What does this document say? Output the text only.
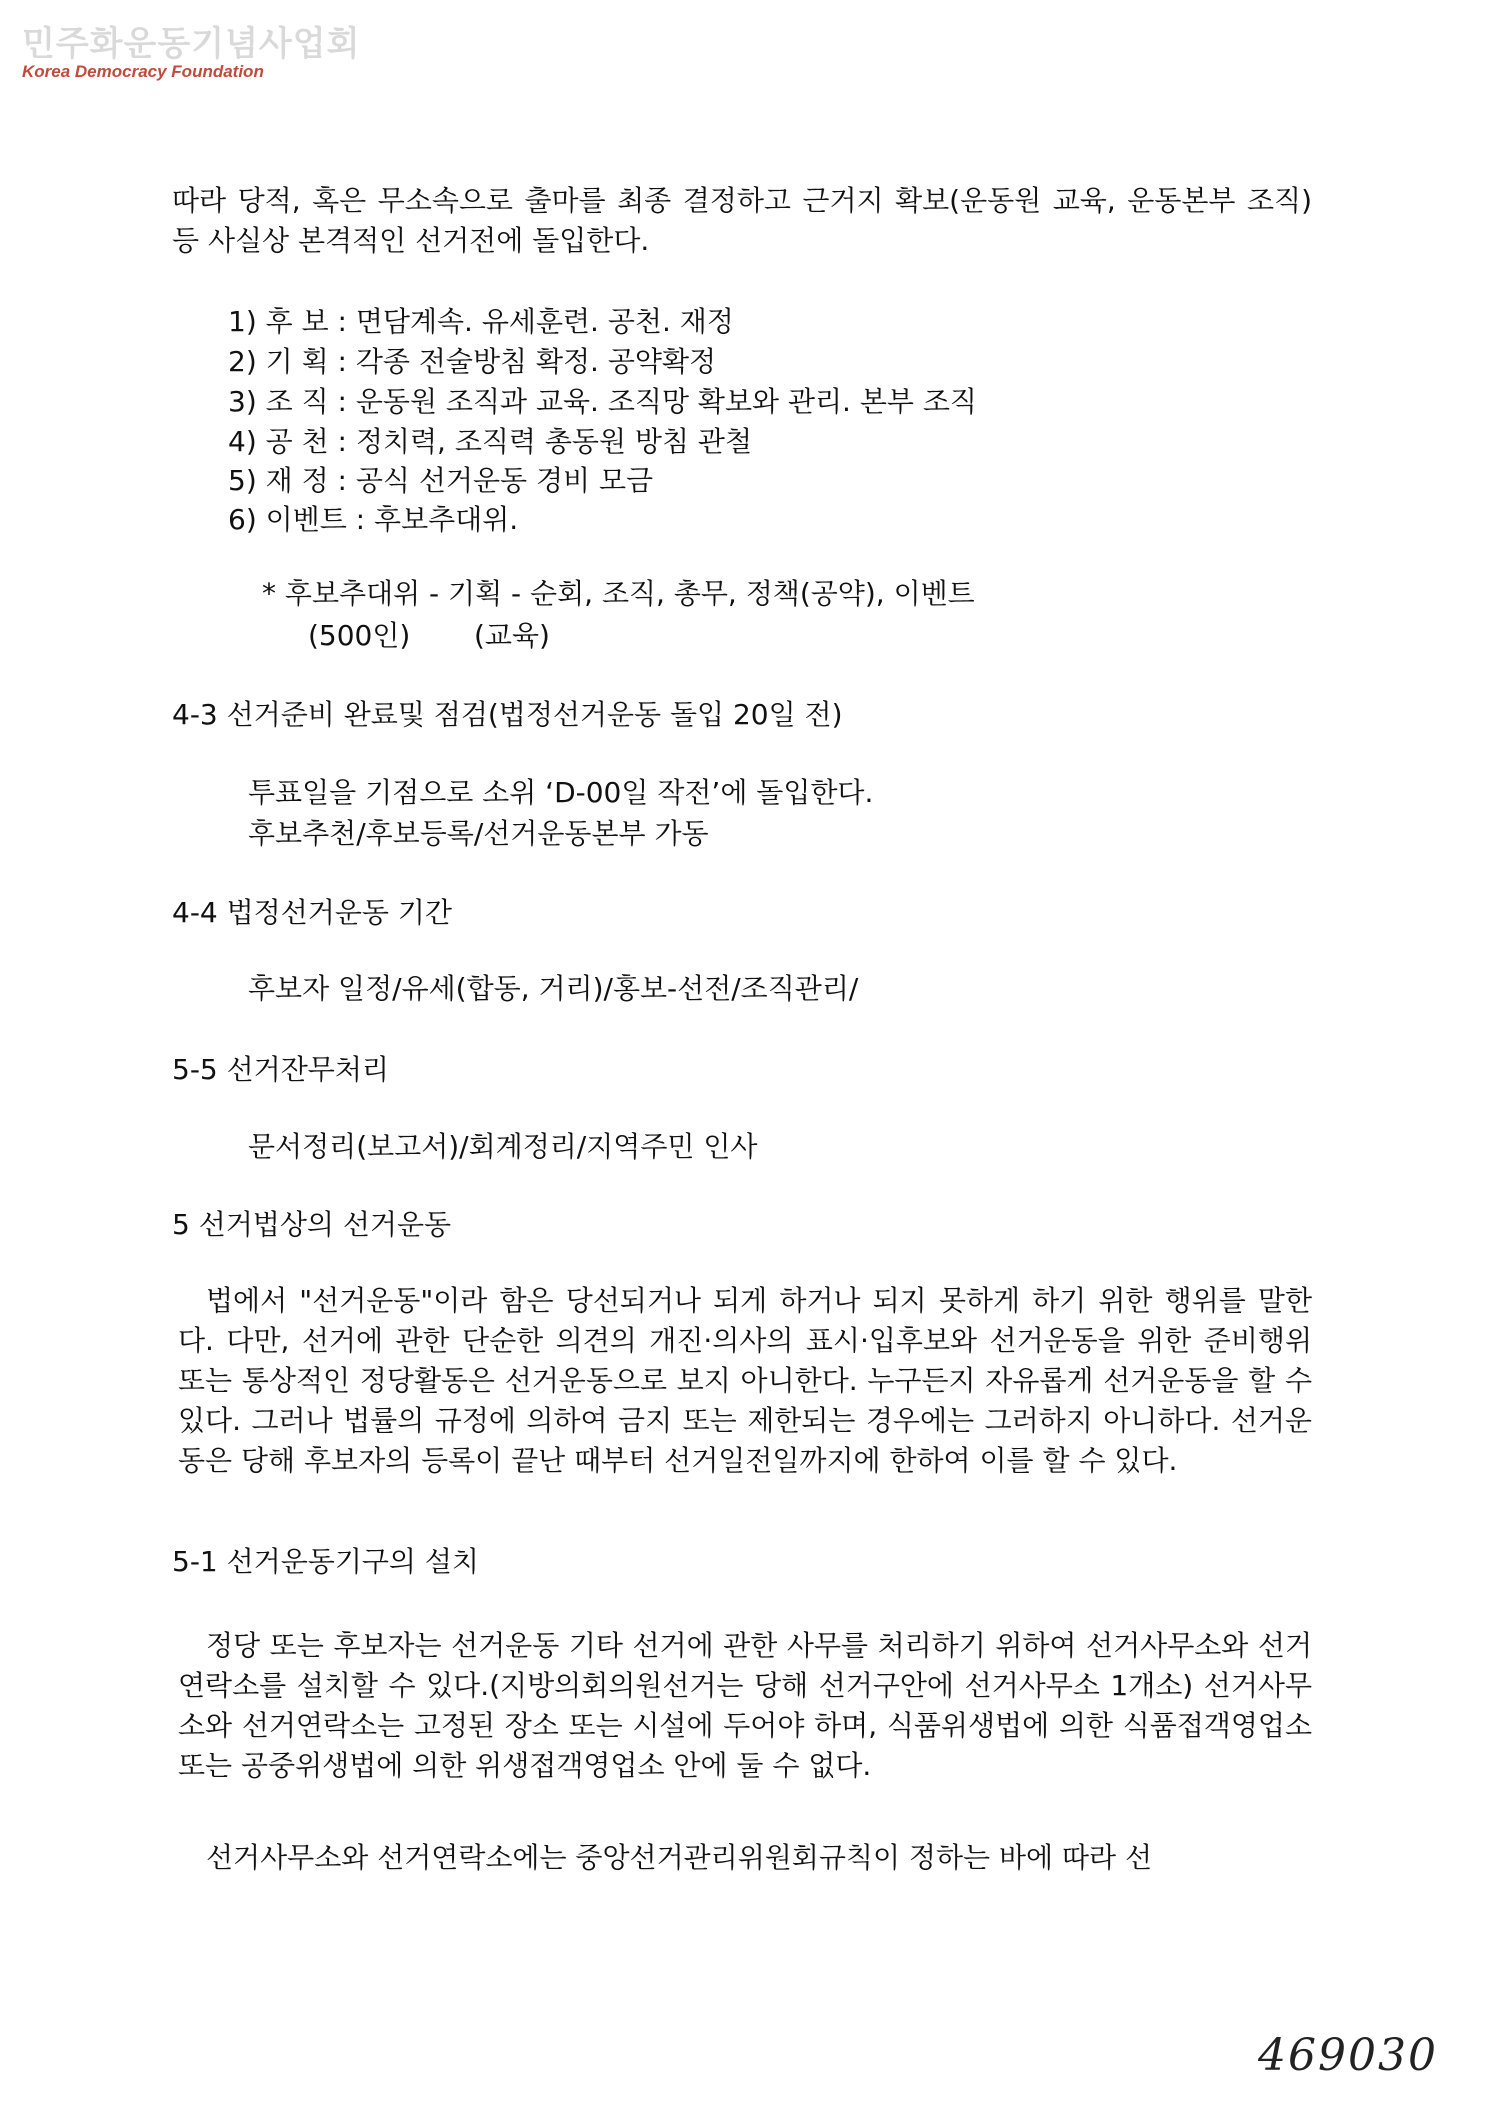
민주화운동기념사업회
Korea Democracy Foundation
따라 당적, 혹은 무소속으로 출마를 최종 결정하고 근거지 확보(운동원 교육, 운동본부 조직) 등 사실상 본격적인 선거전에 돌입한다.
1) 후 보 : 면담계속. 유세훈련. 공천. 재정
2) 기 획 : 각종 전술방침 확정. 공약확정
3) 조 직 : 운동원 조직과 교육. 조직망 확보와 관리. 본부 조직
4) 공 천 : 정치력, 조직력 총동원 방침 관철
5) 재 정 : 공식 선거운동 경비 모금
6) 이벤트 : 후보추대위.
* 후보추대위 - 기획 - 순회, 조직, 총무, 정책(공약), 이벤트
(500인) (교육)
4-3 선거준비 완료및 점검(법정선거운동 돌입 20일 전)
투표일을 기점으로 소위 ‘D-00일 작전’에 돌입한다.
후보추천/후보등록/선거운동본부 가동
4-4 법정선거운동 기간
후보자 일정/유세(합동, 거리)/홍보-선전/조직관리/
5-5 선거잔무처리
문서정리(보고서)/회계정리/지역주민 인사
5 선거법상의 선거운동
법에서 "선거운동"이라 함은 당선되거나 되게 하거나 되지 못하게 하기 위한 행위를 말한다. 다만, 선거에 관한 단순한 의견의 개진·의사의 표시·입후보와 선거운동을 위한 준비행위 또는 통상적인 정당활동은 선거운동으로 보지 아니한다. 누구든지 자유롭게 선거운동을 할 수 있다. 그러나 법률의 규정에 의하여 금지 또는 제한되는 경우에는 그러하지 아니하다. 선거운동은 당해 후보자의 등록이 끝난 때부터 선거일전일까지에 한하여 이를 할 수 있다.
5-1 선거운동기구의 설치
정당 또는 후보자는 선거운동 기타 선거에 관한 사무를 처리하기 위하여 선거사무소와 선거연락소를 설치할 수 있다.(지방의회의원선거는 당해 선거구안에 선거사무소 1개소) 선거사무소와 선거연락소는 고정된 장소 또는 시설에 두어야 하며, 식품위생법에 의한 식품접객영업소 또는 공중위생법에 의한 위생접객영업소 안에 둘 수 없다.
선거사무소와 선거연락소에는 중앙선거관리위원회규칙이 정하는 바에 따라 선
469030
